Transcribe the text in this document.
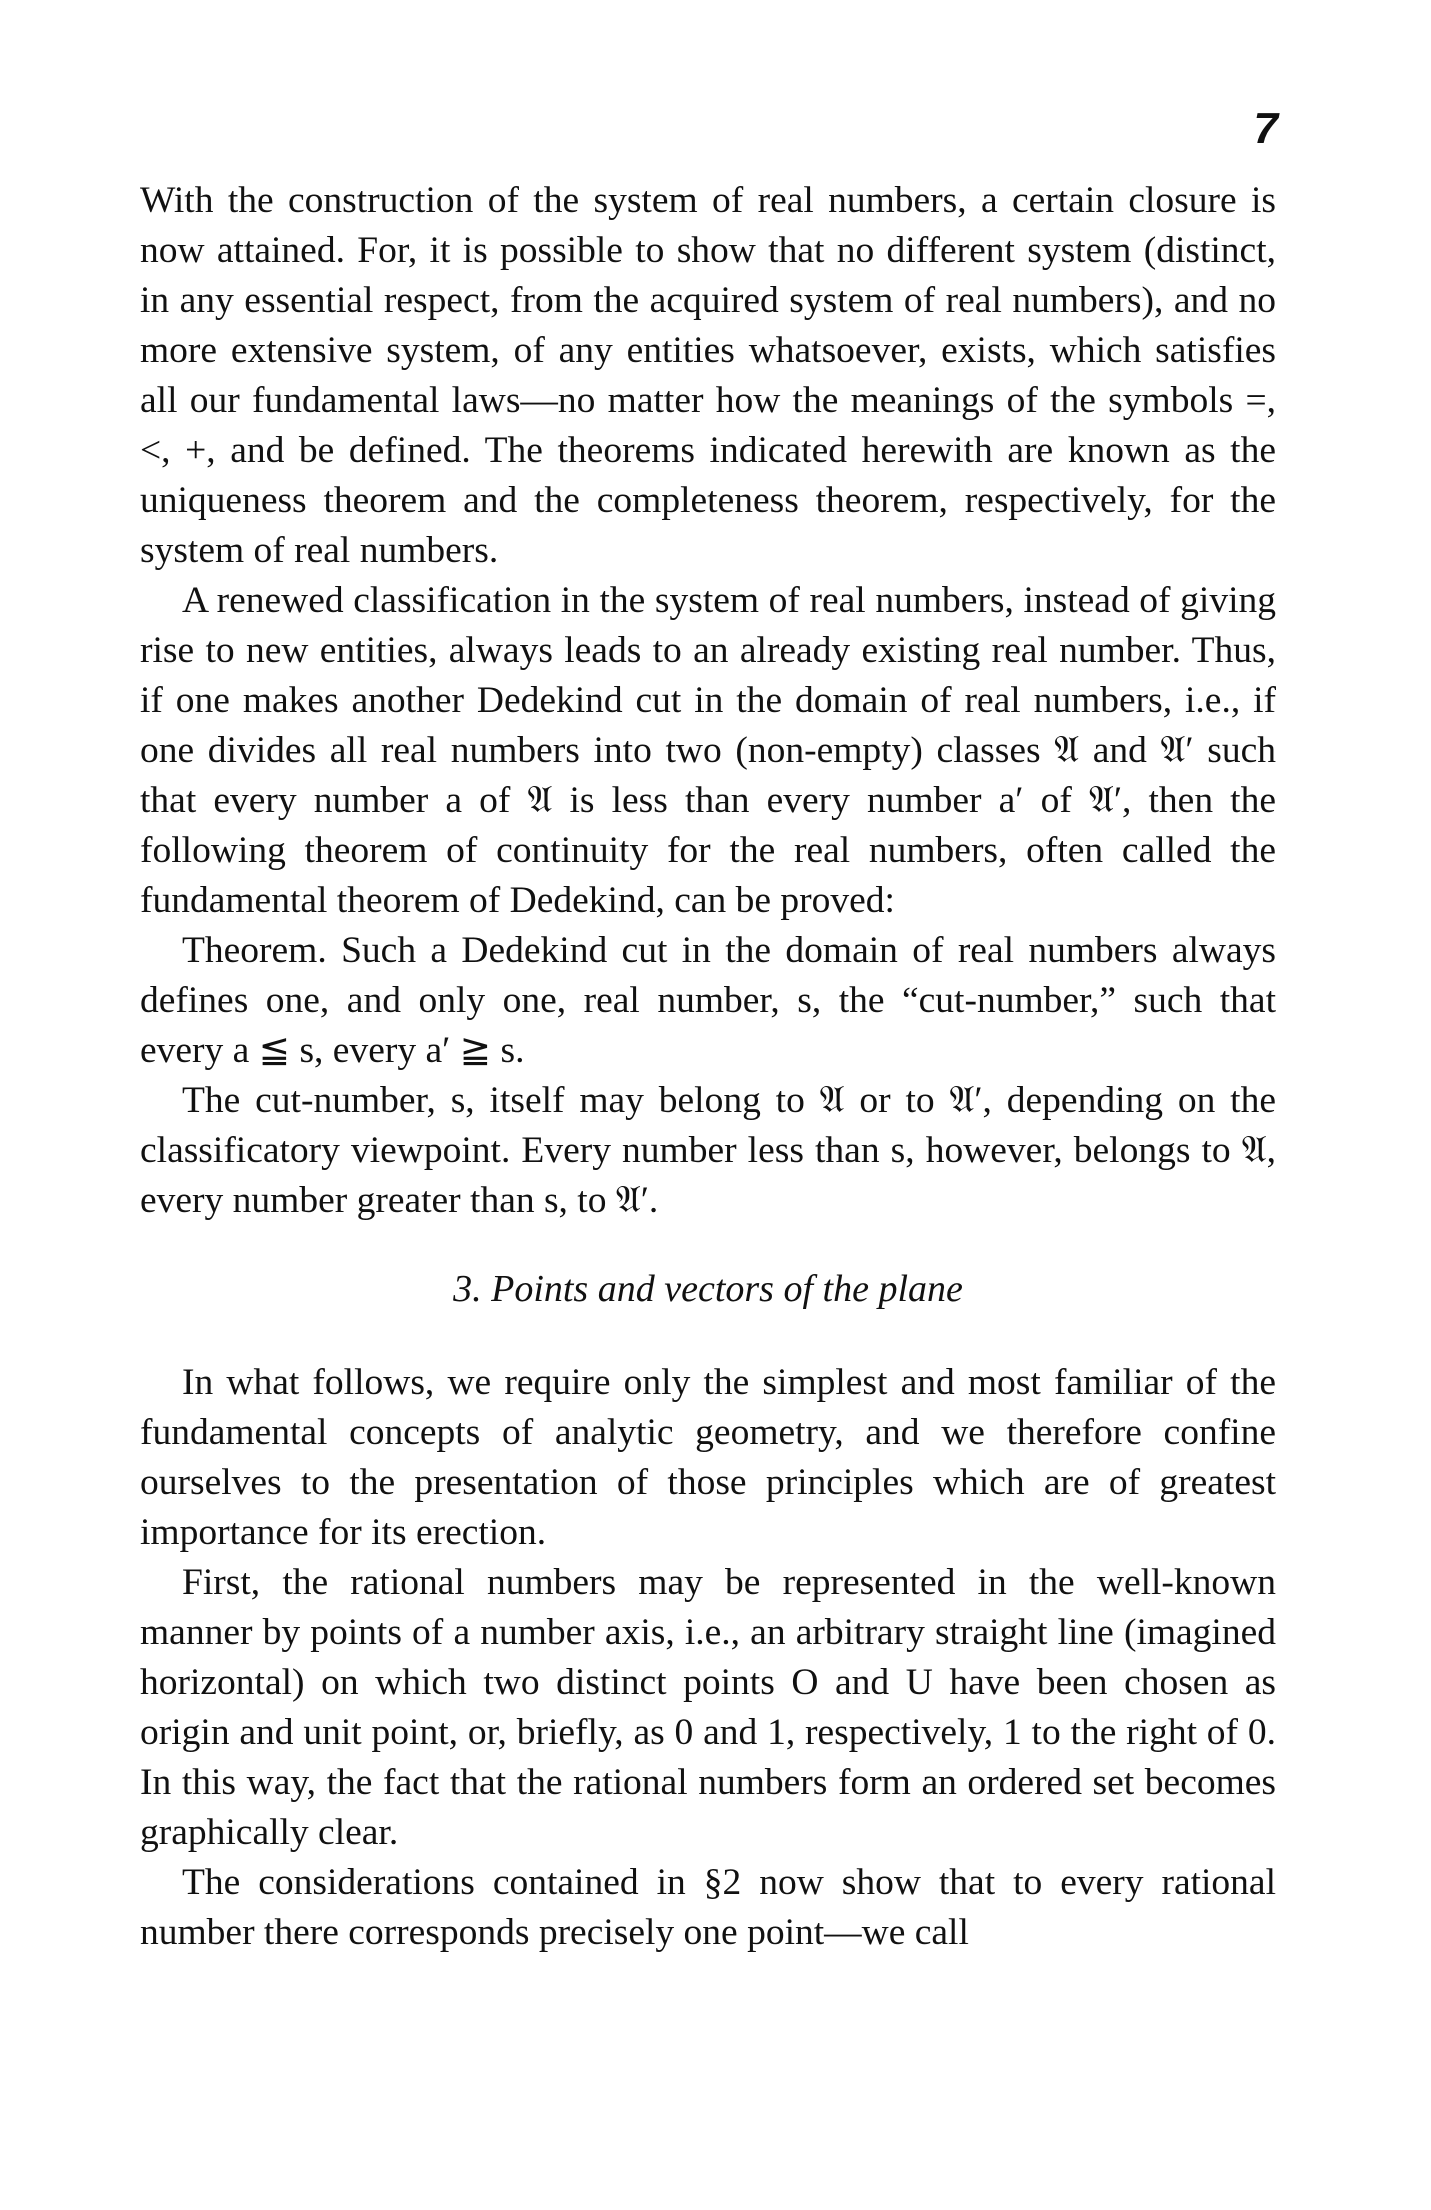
7

With the construction of the system of real numbers, a certain closure is now attained. For, it is possible to show that no different system (distinct, in any essential respect, from the acquired system of real numbers), and no more extensive system, of any entities whatsoever, exists, which satisfies all our fundamental laws—no matter how the meanings of the symbols =, <, +, and be defined. The theorems indicated herewith are known as the uniqueness theorem and the completeness theorem, respectively, for the system of real numbers.

A renewed classification in the system of real numbers, instead of giving rise to new entities, always leads to an already existing real number. Thus, if one makes another Dedekind cut in the domain of real numbers, i.e., if one divides all real numbers into two (non-empty) classes 𝔄 and 𝔄′ such that every number a of 𝔄 is less than every number a′ of 𝔄′, then the following theorem of continuity for the real numbers, often called the fundamental theorem of Dedekind, can be proved:

Theorem. Such a Dedekind cut in the domain of real numbers always defines one, and only one, real number, s, the “cut-number,” such that every a ≦ s, every a′ ≧ s.

The cut-number, s, itself may belong to 𝔄 or to 𝔄′, depending on the classificatory viewpoint. Every number less than s, however, belongs to 𝔄, every number greater than s, to 𝔄′.

3. Points and vectors of the plane

In what follows, we require only the simplest and most familiar of the fundamental concepts of analytic geometry, and we therefore confine ourselves to the presentation of those principles which are of greatest importance for its erection.

First, the rational numbers may be represented in the well-known manner by points of a number axis, i.e., an arbitrary straight line (imagined horizontal) on which two distinct points O and U have been chosen as origin and unit point, or, briefly, as 0 and 1, respectively, 1 to the right of 0. In this way, the fact that the rational numbers form an ordered set becomes graphically clear.

The considerations contained in §2 now show that to every rational number there corresponds precisely one point—we call
